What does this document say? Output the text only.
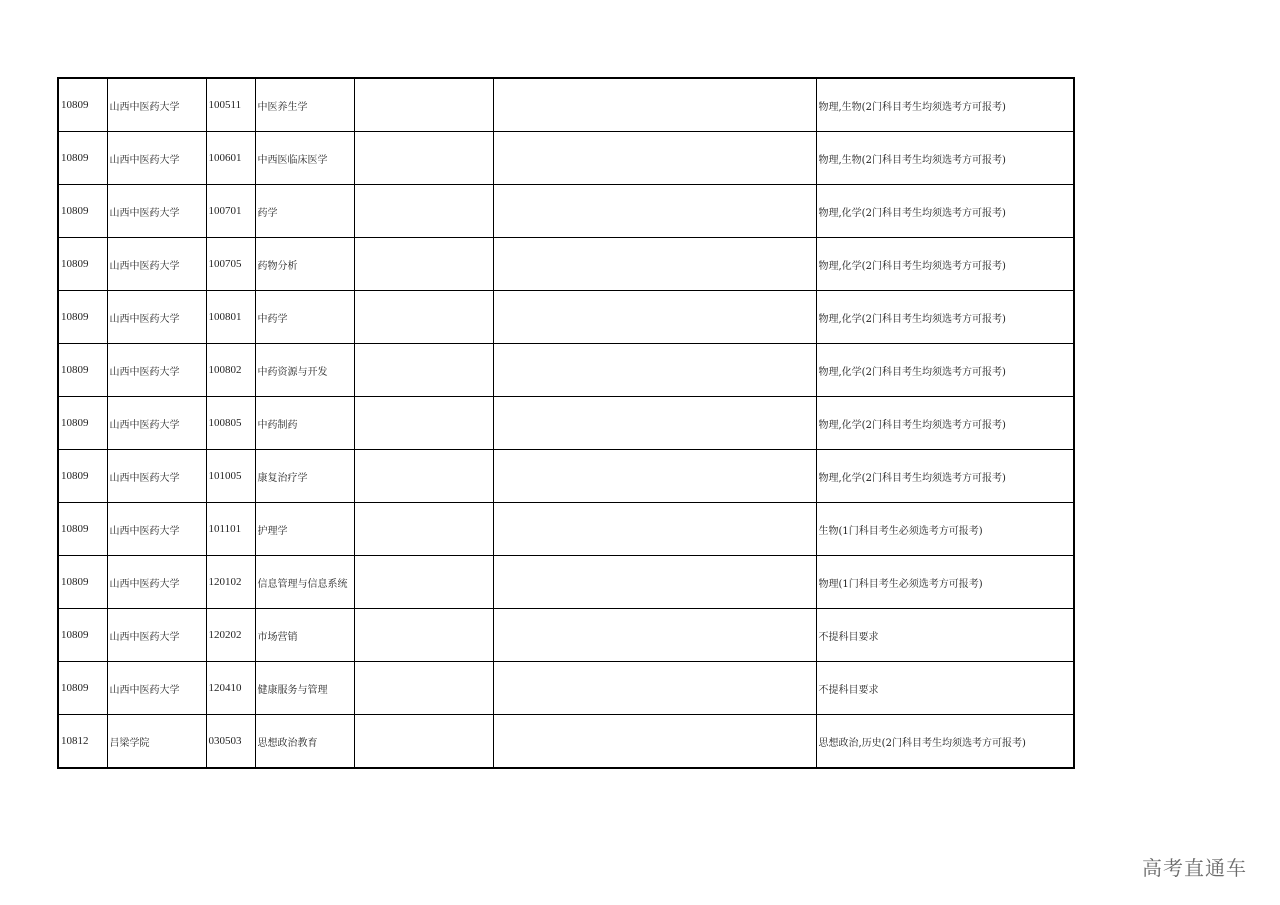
10809	山西中医药大学	100511	中医养生学			物理,生物(2门科目考生均须选考方可报考)
10809	山西中医药大学	100601	中西医临床医学			物理,生物(2门科目考生均须选考方可报考)
10809	山西中医药大学	100701	药学			物理,化学(2门科目考生均须选考方可报考)
10809	山西中医药大学	100705	药物分析			物理,化学(2门科目考生均须选考方可报考)
10809	山西中医药大学	100801	中药学			物理,化学(2门科目考生均须选考方可报考)
10809	山西中医药大学	100802	中药资源与开发			物理,化学(2门科目考生均须选考方可报考)
10809	山西中医药大学	100805	中药制药			物理,化学(2门科目考生均须选考方可报考)
10809	山西中医药大学	101005	康复治疗学			物理,化学(2门科目考生均须选考方可报考)
10809	山西中医药大学	101101	护理学			生物(1门科目考生必须选考方可报考)
10809	山西中医药大学	120102	信息管理与信息系统			物理(1门科目考生必须选考方可报考)
10809	山西中医药大学	120202	市场营销			不提科目要求
10809	山西中医药大学	120410	健康服务与管理			不提科目要求
10812	吕梁学院	030503	思想政治教育			思想政治,历史(2门科目考生均须选考方可报考)
高考直通车
